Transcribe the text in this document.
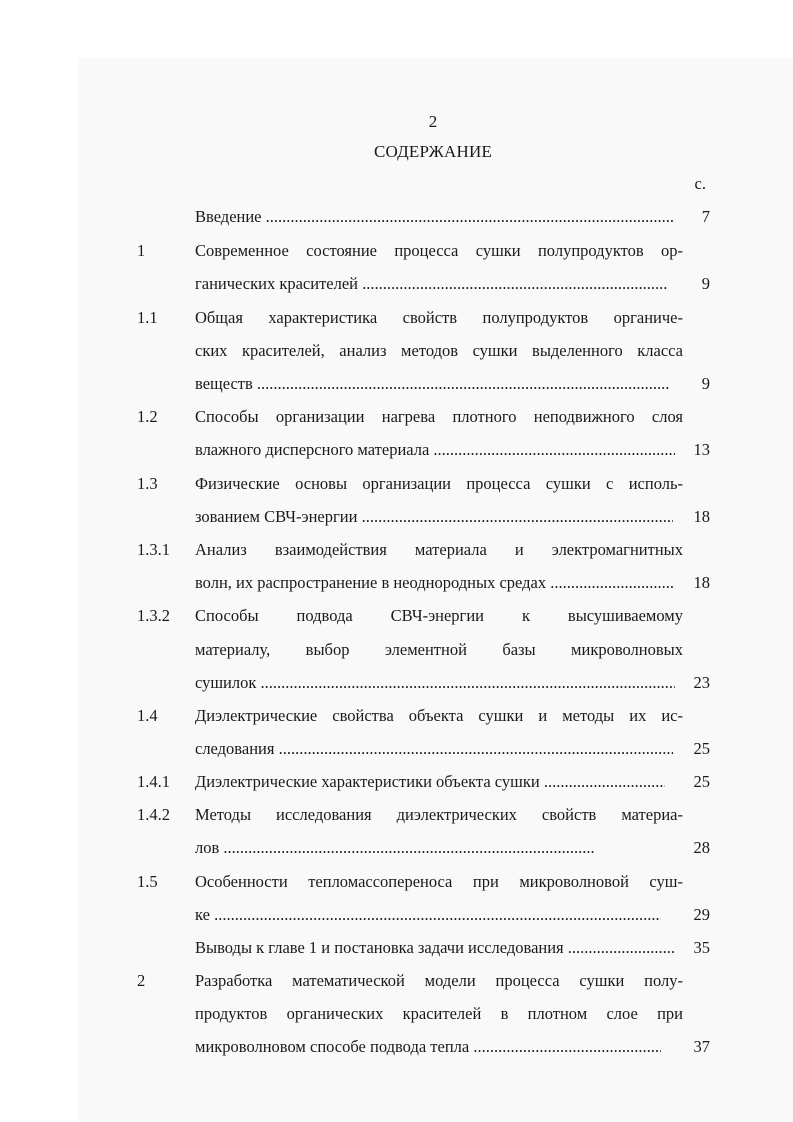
2
СОДЕРЖАНИЕ
с.
Введение .....	7
1	Современное состояние процесса сушки полупродуктов ор-
ганических красителей .....	9
1.1 Общая характеристика свойств полупродуктов органиче-
ских красителей, анализ методов сушки выделенного класса
веществ .....	9
1.2 Способы организации нагрева плотного неподвижного слоя
влажного дисперсного материала .....	13
1.3 Физические основы организации процесса сушки с исполь-
зованием СВЧ-энергии .....	18
1.3.1 Анализ взаимодействия материала и электромагнитных
волн, их распространение в неоднородных средах .....	18
1.3.2 Способы подвода СВЧ-энергии к высушиваемому
материалу, выбор элементной базы микроволновых
сушилок .....	23
1.4 Диэлектрические свойства объекта сушки и методы их ис-
следования .....	25
1.4.1 Диэлектрические характеристики объекта сушки .....	25
1.4.2 Методы исследования диэлектрических свойств материа-
лов .....	28
1.5 Особенности тепломассопереноса при микроволновой суш-
ке .....	29
Выводы к главе 1 и постановка задачи исследования .....	35
2	Разработка математической модели процесса сушки полу-
продуктов органических красителей в плотном слое при
микроволновом способе подвода тепла .....	37
